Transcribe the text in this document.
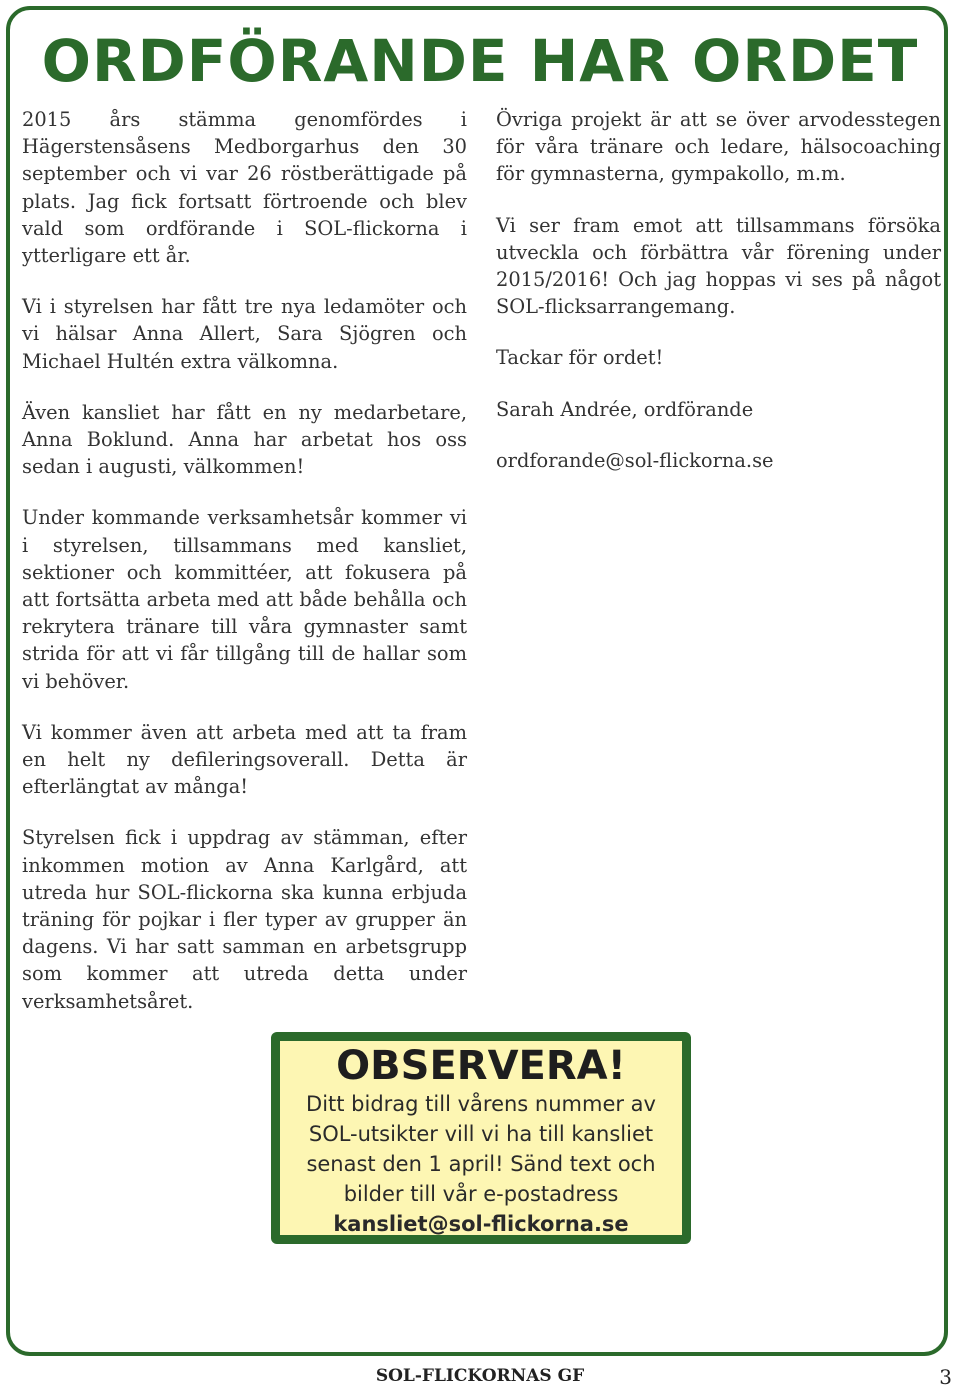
ORDFÖRANDE HAR ORDET

2015 års stämma genomfördes i Hägerstensåsens Medborgarhus den 30 september och vi var 26 röstberättigade på plats. Jag fick fortsatt förtroende och blev vald som ordförande i SOL-flickorna i ytterligare ett år.

Vi i styrelsen har fått tre nya ledamöter och vi hälsar Anna Allert, Sara Sjögren och Michael Hultén extra välkomna.

Även kansliet har fått en ny medarbetare, Anna Boklund. Anna har arbetat hos oss sedan i augusti, välkommen!

Under kommande verksamhetsår kommer vi i styrelsen, tillsammans med kansliet, sektioner och kommittéer, att fokusera på att fortsätta arbeta med att både behålla och rekrytera tränare till våra gymnaster samt strida för att vi får tillgång till de hallar som vi behöver.

Vi kommer även att arbeta med att ta fram en helt ny defileringsoverall. Detta är efterlängtat av många!

Styrelsen fick i uppdrag av stämman, efter inkommen motion av Anna Karlgård, att utreda hur SOL-flickorna ska kunna erbjuda träning för pojkar i fler typer av grupper än dagens. Vi har satt samman en arbetsgrupp som kommer att utreda detta under verksamhetsåret.

Övriga projekt är att se över arvodesstegen för våra tränare och ledare, hälsocoaching för gymnasterna, gympakollo, m.m.

Vi ser fram emot att tillsammans försöka utveckla och förbättra vår förening under 2015/2016! Och jag hoppas vi ses på något SOL-flicksarrangemang.

Tackar för ordet!

Sarah Andrée, ordförande

ordforande@sol-flickorna.se

OBSERVERA!

Ditt bidrag till vårens nummer av

SOL-utsikter vill vi ha till kansliet

senast den 1 april! Sänd text och

bilder till vår e-postadress

kansliet@sol-flickorna.se

SOL-FLICKORNAS GF	3
